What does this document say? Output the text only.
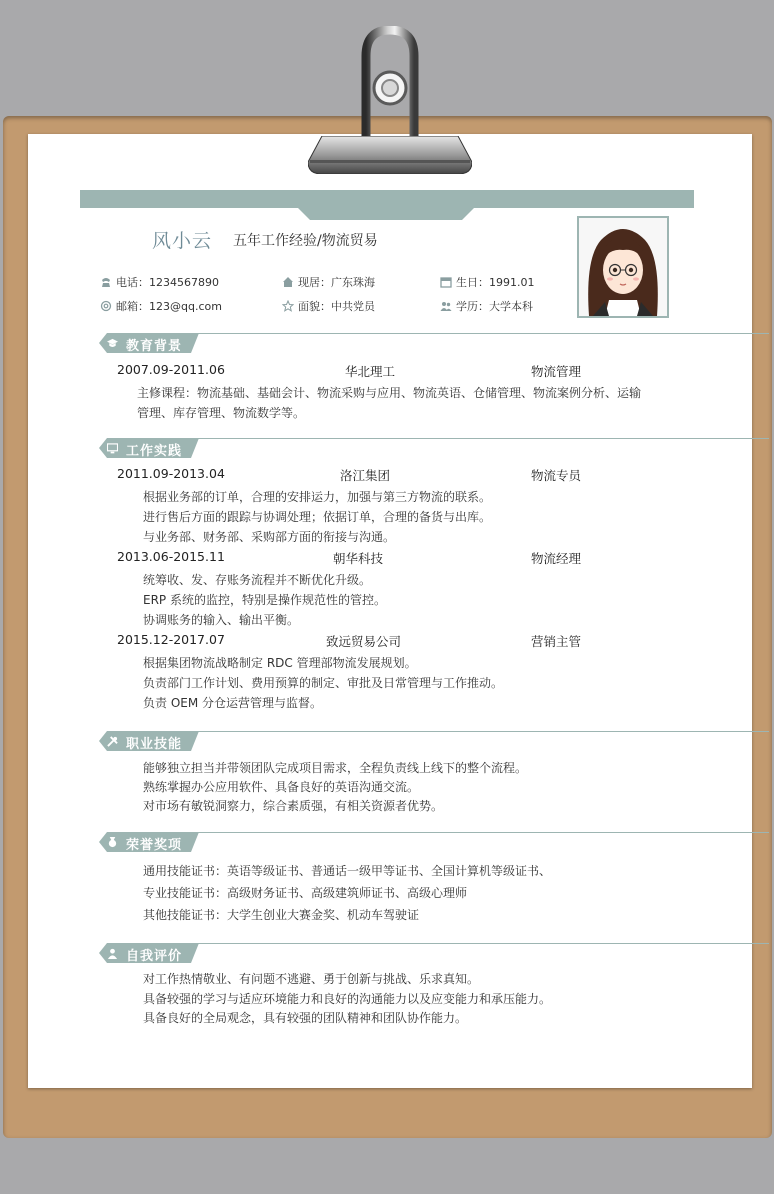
风小云 五年工作经验/物流贸易
电话：1234567890	现居：广东珠海	生日：1991.01
邮箱：123@qq.com	面貌：中共党员	学历：大学本科
教育背景
2007.09-2011.06	华北理工	物流管理
主修课程：物流基础、基础会计、物流采购与应用、物流英语、仓储管理、物流案例分析、运输
管理、库存管理、物流数学等。
工作实践
2011.09-2013.04	洛江集团	物流专员
根据业务部的订单，合理的安排运力，加强与第三方物流的联系。
进行售后方面的跟踪与协调处理；依据订单，合理的备货与出库。
与业务部、财务部、采购部方面的衔接与沟通。
2013.06-2015.11	朝华科技	物流经理
统筹收、发、存账务流程并不断优化升级。
ERP 系统的监控，特别是操作规范性的管控。
协调账务的输入、输出平衡。
2015.12-2017.07	致远贸易公司	营销主管
根据集团物流战略制定 RDC 管理部物流发展规划。
负责部门工作计划、费用预算的制定、审批及日常管理与工作推动。
负责 OEM 分仓运营管理与监督。
职业技能
能够独立担当并带领团队完成项目需求，全程负责线上线下的整个流程。
熟练掌握办公应用软件、具备良好的英语沟通交流。
对市场有敏锐洞察力，综合素质强，有相关资源者优势。
荣誉奖项
通用技能证书：英语等级证书、普通话一级甲等证书、全国计算机等级证书、
专业技能证书：高级财务证书、高级建筑师证书、高级心理师
其他技能证书：大学生创业大赛金奖、机动车驾驶证
自我评价
对工作热情敬业、有问题不逃避、勇于创新与挑战、乐求真知。
具备较强的学习与适应环境能力和良好的沟通能力以及应变能力和承压能力。
具备良好的全局观念，具有较强的团队精神和团队协作能力。
